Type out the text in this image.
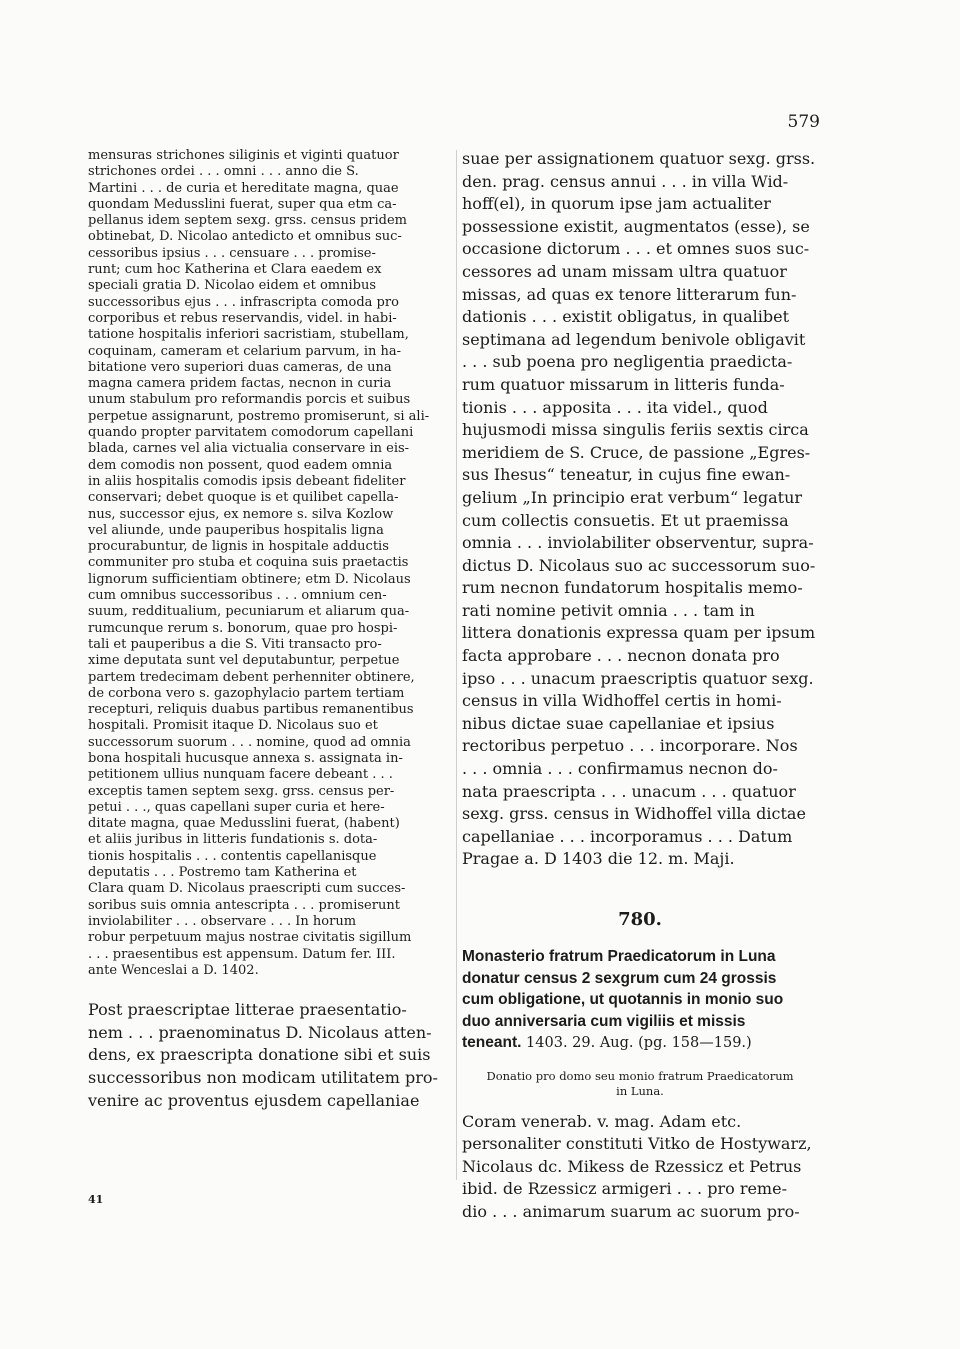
579

mensuras strichones siliginis et viginti quatuor
strichones ordei . . . omni . . . anno die S.
Martini . . . de curia et hereditate magna, quae
quondam Medusslini fuerat, super qua etm ca-
pellanus idem septem sexg. grss. census pridem
obtinebat, D. Nicolao antedicto et omnibus suc-
cessoribus ipsius . . . censuare . . . promise-
runt; cum hoc Katherina et Clara eaedem ex
speciali gratia D. Nicolao eidem et omnibus
successoribus ejus . . . infrascripta comoda pro
corporibus et rebus reservandis, videl. in habi-
tatione hospitalis inferiori sacristiam, stubellam,
coquinam, cameram et celarium parvum, in ha-
bitatione vero superiori duas cameras, de una
magna camera pridem factas, necnon in curia
unum stabulum pro reformandis porcis et suibus
perpetue assignarunt, postremo promiserunt, si ali-
quando propter parvitatem comodorum capellani
blada, carnes vel alia victualia conservare in eis-
dem comodis non possent, quod eadem omnia
in aliis hospitalis comodis ipsis debeant fideliter
conservari; debet quoque is et quilibet capella-
nus, successor ejus, ex nemore s. silva Kozlow
vel aliunde, unde pauperibus hospitalis ligna
procurabuntur, de lignis in hospitale adductis
communiter pro stuba et coquina suis praetactis
lignorum sufficientiam obtinere; etm D. Nicolaus
cum omnibus successoribus . . . omnium cen-
suum, redditualium, pecuniarum et aliarum qua-
rumcunque rerum s. bonorum, quae pro hospi-
tali et pauperibus a die S. Viti transacto pro-
xime deputata sunt vel deputabuntur, perpetue
partem tredecimam debent perhenniter obtinere,
de corbona vero s. gazophylacio partem tertiam
recepturi, reliquis duabus partibus remanentibus
hospitali. Promisit itaque D. Nicolaus suo et
successorum suorum . . . nomine, quod ad omnia
bona hospitali hucusque annexa s. assignata in-
petitionem ullius nunquam facere debeant . . .
exceptis tamen septem sexg. grss. census per-
petui . . ., quas capellani super curia et here-
ditate magna, quae Medusslini fuerat, (habent)
et aliis juribus in litteris fundationis s. dota-
tionis hospitalis . . . contentis capellanisque
deputatis . . . Postremo tam Katherina et
Clara quam D. Nicolaus praescripti cum succes-
soribus suis omnia antescripta . . . promiserunt
inviolabiliter . . . observare . . . In horum
robur perpetuum majus nostrae civitatis sigillum
. . . praesentibus est appensum. Datum fer. III.
ante Wenceslai a D. 1402.

Post praescriptae litterae praesentatio-
nem . . . praenominatus D. Nicolaus atten-
dens, ex praescripta donatione sibi et suis
successoribus non modicam utilitatem pro-
venire ac proventus ejusdem capellaniae

suae per assignationem quatuor sexg. grss.
den. prag. census annui . . . in villa Wid-
hoff(el), in quorum ipse jam actualiter
possessione existit, augmentatos (esse), se
occasione dictorum . . . et omnes suos suc-
cessores ad unam missam ultra quatuor
missas, ad quas ex tenore litterarum fun-
dationis . . . existit obligatus, in qualibet
septimana ad legendum benivole obligavit
. . . sub poena pro negligentia praedicta-
rum quatuor missarum in litteris funda-
tionis . . . apposita . . . ita videl., quod
hujusmodi missa singulis feriis sextis circa
meridiem de S. Cruce, de passione „Egres-
sus Ihesus“ teneatur, in cujus fine ewan-
gelium „In principio erat verbum“ legatur
cum collectis consuetis. Et ut praemissa
omnia . . . inviolabiliter observentur, supra-
dictus D. Nicolaus suo ac successorum suo-
rum necnon fundatorum hospitalis memo-
rati nomine petivit omnia . . . tam in
littera donationis expressa quam per ipsum
facta approbare . . . necnon donata pro
ipso . . . unacum praescriptis quatuor sexg.
census in villa Widhoffel certis in homi-
nibus dictae suae capellaniae et ipsius
rectoribus perpetuo . . . incorporare. Nos
. . . omnia . . . confirmamus necnon do-
nata praescripta . . . unacum . . . quatuor
sexg. grss. census in Widhoffel villa dictae
capellaniae . . . incorporamus . . . Datum
Pragae a. D 1403 die 12. m. Maji.

780.
Monasterio fratrum Praedicatorum in Luna
donatur census 2 sexgrum cum 24 grossis
cum obligatione, ut quotannis in monio suo
duo anniversaria cum vigiliis et missis
teneant. 1403. 29. Aug. (pg. 158—159.)

Donatio pro domo seu monio fratrum Praedicatorum
in Luna.

Coram venerab. v. mag. Adam etc.
personaliter constituti Vitko de Hostywarz,
Nicolaus dc. Mikess de Rzessicz et Petrus
ibid. de Rzessicz armigeri . . . pro reme-
dio . . . animarum suarum ac suorum pro-

41
